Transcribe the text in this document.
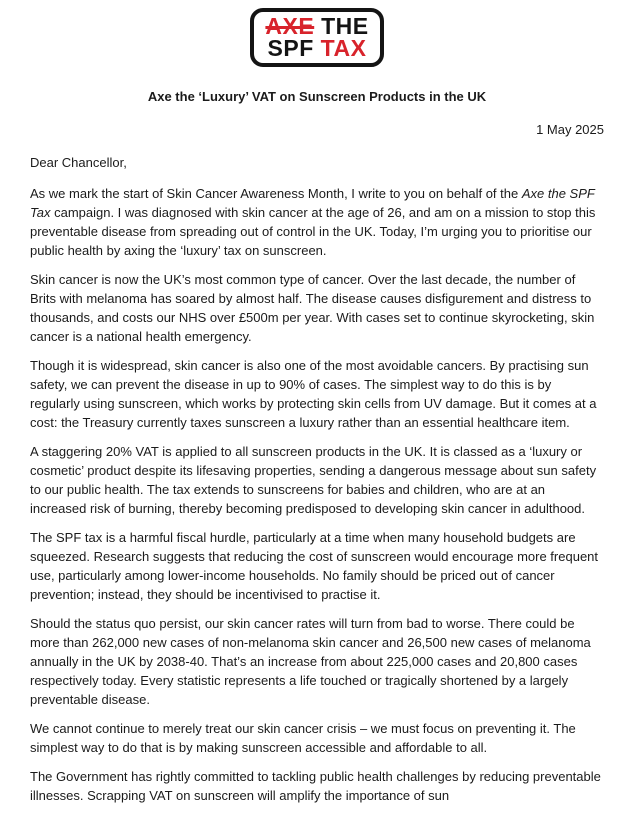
AXE THE
SPF TAX
Axe the ‘Luxury’ VAT on Sunscreen Products in the UK
1 May 2025
Dear Chancellor,

As we mark the start of Skin Cancer Awareness Month, I write to you on behalf of the Axe the SPF Tax campaign. I was diagnosed with skin cancer at the age of 26, and am on a mission to stop this preventable disease from spreading out of control in the UK. Today, I’m urging you to prioritise our public health by axing the ‘luxury’ tax on sunscreen.

Skin cancer is now the UK’s most common type of cancer. Over the last decade, the number of Brits with melanoma has soared by almost half. The disease causes disfigurement and distress to thousands, and costs our NHS over £500m per year. With cases set to continue skyrocketing, skin cancer is a national health emergency.

Though it is widespread, skin cancer is also one of the most avoidable cancers. By practising sun safety, we can prevent the disease in up to 90% of cases. The simplest way to do this is by regularly using sunscreen, which works by protecting skin cells from UV damage. But it comes at a cost: the Treasury currently taxes sunscreen a luxury rather than an essential healthcare item.

A staggering 20% VAT is applied to all sunscreen products in the UK. It is classed as a ‘luxury or cosmetic’ product despite its lifesaving properties, sending a dangerous message about sun safety to our public health. The tax extends to sunscreens for babies and children, who are at an increased risk of burning, thereby becoming predisposed to developing skin cancer in adulthood.

The SPF tax is a harmful fiscal hurdle, particularly at a time when many household budgets are squeezed. Research suggests that reducing the cost of sunscreen would encourage more frequent use, particularly among lower-income households. No family should be priced out of cancer prevention; instead, they should be incentivised to practise it.

Should the status quo persist, our skin cancer rates will turn from bad to worse. There could be more than 262,000 new cases of non-melanoma skin cancer and 26,500 new cases of melanoma annually in the UK by 2038-40. That’s an increase from about 225,000 cases and 20,800 cases respectively today. Every statistic represents a life touched or tragically shortened by a largely preventable disease.

We cannot continue to merely treat our skin cancer crisis – we must focus on preventing it. The simplest way to do that is by making sunscreen accessible and affordable to all.

The Government has rightly committed to tackling public health challenges by reducing preventable illnesses. Scrapping VAT on sunscreen will amplify the importance of sun
